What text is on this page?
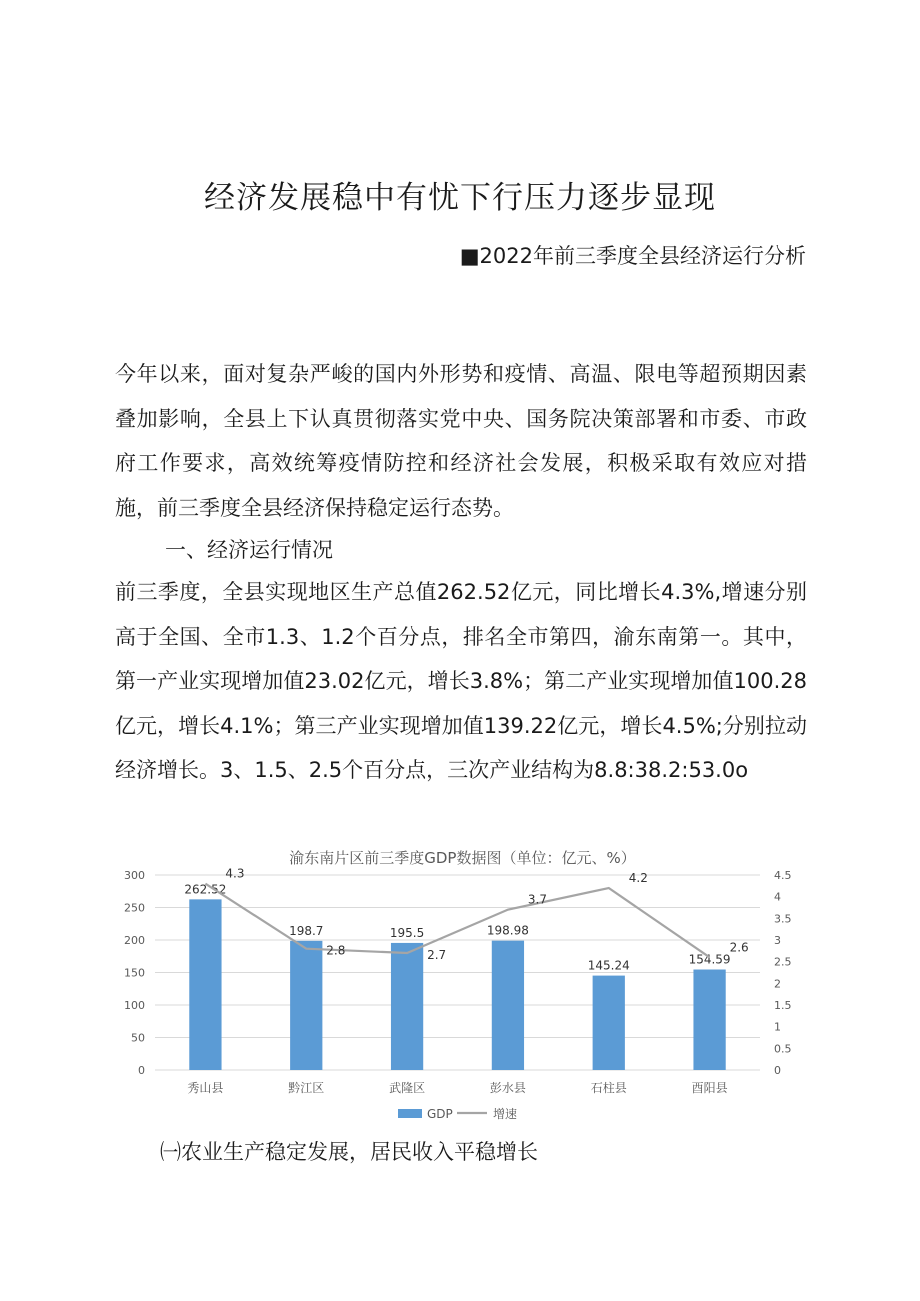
经济发展稳中有忧下行压力逐步显现
■2022年前三季度全县经济运行分析

今年以来，面对复杂严峻的国内外形势和疫情、高温、限电等超预期因素叠加影响，全县上下认真贯彻落实党中央、国务院决策部署和市委、市政府工作要求，高效统筹疫情防控和经济社会发展，积极采取有效应对措施，前三季度全县经济保持稳定运行态势。

一、经济运行情况

前三季度，全县实现地区生产总值262.52亿元，同比增长4.3%,增速分别高于全国、全市1.3、1.2个百分点，排名全市第四，渝东南第一。其中，第一产业实现增加值23.02亿元，增长3.8%；第二产业实现增加值100.28亿元，增长4.1%；第三产业实现增加值139.22亿元，增长4.5%;分别拉动经济增长。3、1.5、2.5个百分点，三次产业结构为8.8:38.2:53.0o

渝东南片区前三季度GDP数据图（单位：亿元、%）
0
50
100
150
200
250
300
0
0.5
1
1.5
2
2.5
3
3.5
4
4.5
262.52
秀山县
198.7
黔江区
195.5
武隆区
198.98
彭水县
145.24
石柱县
154.59
酉阳县
4.3
2.8	2.7
3.7
4.2
2.6
GDP	增速
㈠农业生产稳定发展，居民收入平稳增长
